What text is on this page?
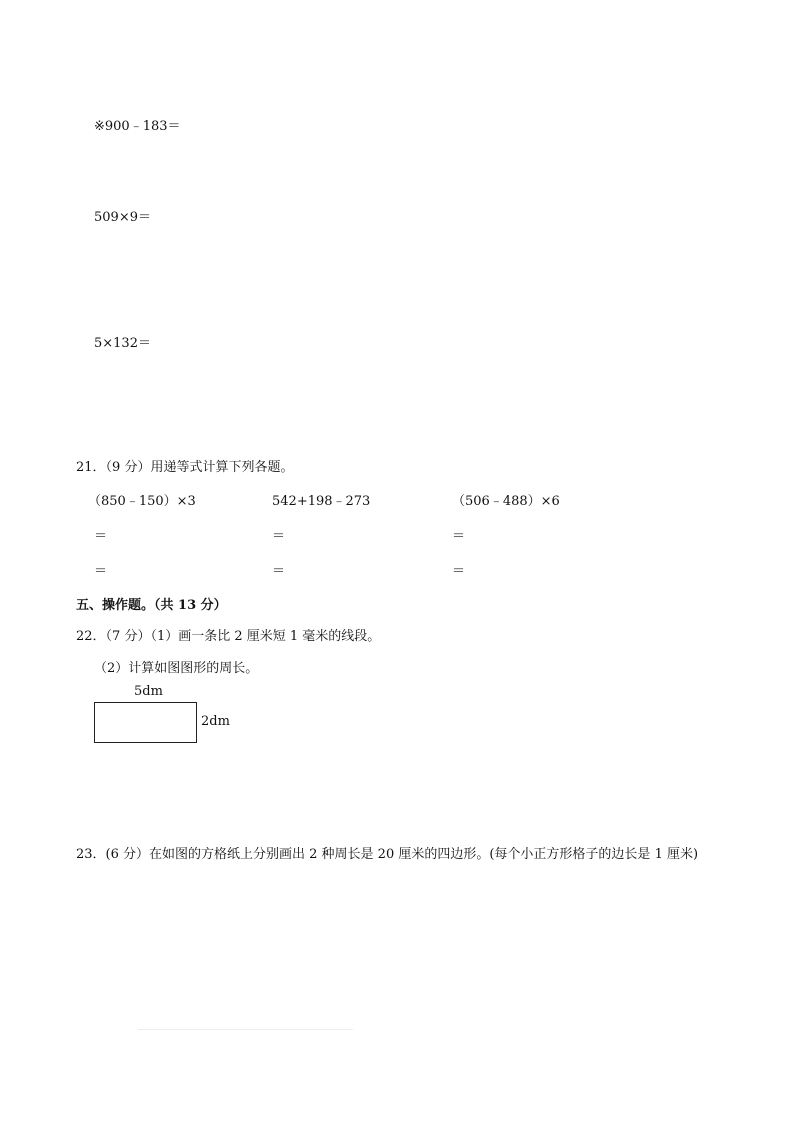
※900﹣183＝
509×9＝
5×132＝
21．（9 分）用递等式计算下列各题。
（850﹣150）×3	542+198﹣273	（506﹣488）×6
＝	＝	＝
＝	＝	＝
五、操作题。（共 13 分）
22．（7 分）（1）画一条比 2 厘米短 1 毫米的线段。
（2）计算如图图形的周长。
5dm
2dm
23．(6 分）在如图的方格纸上分别画出 2 种周长是 20 厘米的四边形。(每个小正方形格子的边长是 1 厘米)
